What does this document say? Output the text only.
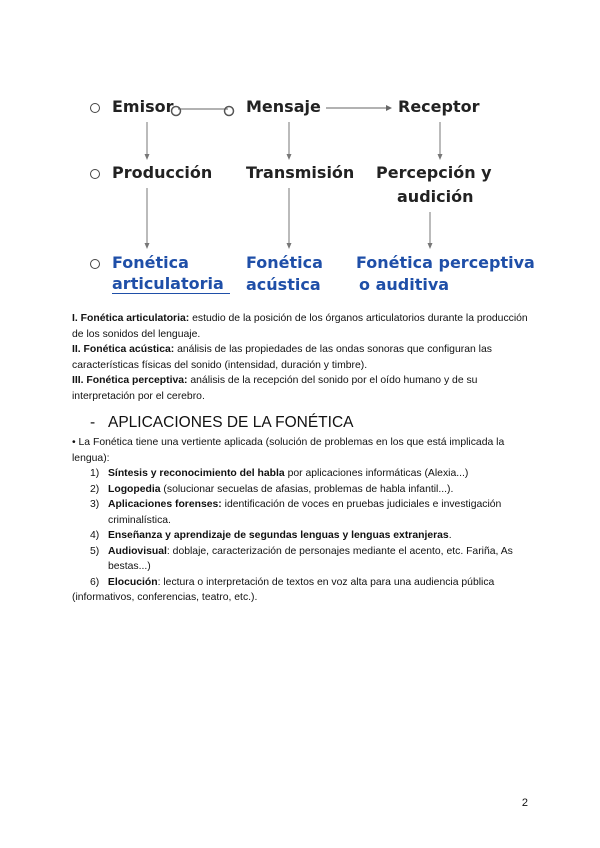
Emisor	Mensaje	Receptor
Producción Transmisión Percepción y
audición
Fonética
articulatoria
Fonética
acústica
Fonética perceptiva
o auditiva
I. Fonética articulatoria: estudio de la posición de los órganos articulatorios durante la producción de los sonidos del lenguaje.
II. Fonética acústica: análisis de las propiedades de las ondas sonoras que configuran las características físicas del sonido (intensidad, duración y timbre).
III. Fonética perceptiva: análisis de la recepción del sonido por el oído humano y de su interpretación por el cerebro.
- APLICACIONES DE LA FONÉTICA
• La Fonética tiene una vertiente aplicada (solución de problemas en los que está implicada la lengua):
1) Síntesis y reconocimiento del habla por aplicaciones informáticas (Alexia...)
2) Logopedia (solucionar secuelas de afasias, problemas de habla infantil...).
3) Aplicaciones forenses: identificación de voces en pruebas judiciales e investigación criminalística.
4) Enseñanza y aprendizaje de segundas lenguas y lenguas extranjeras.
5) Audiovisual: doblaje, caracterización de personajes mediante el acento, etc. Fariña, As bestas...)
6) Elocución: lectura o interpretación de textos en voz alta para una audiencia pública (informativos, conferencias, teatro, etc.).
2
